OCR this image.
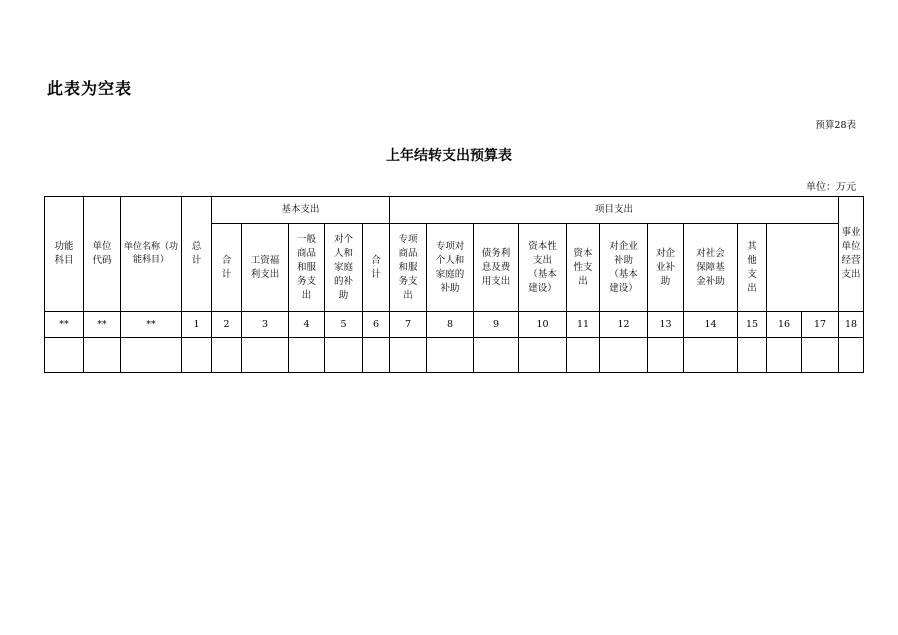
此表为空表
预算28表
上年结转支出预算表
单位：万元
功能科目	单位代码	单位名称（功能科目）	总计	基本支出					项目支出											事业单位经营支出		
				合计	工资福利支出	一般商品和服务支出	对个人和家庭的补助	合计	专项商品和服务支出	专项对个人和家庭的补助	债务利息及费用支出	资本性支出（基本建设）	资本性支出	对企业补助（基本建设）	对企业补助	对社会保障基金补助	其他支出				
**	**	**	1	2	3	4	5	6	7	8	9	10	11	12	13	14	15	16	17	18	
